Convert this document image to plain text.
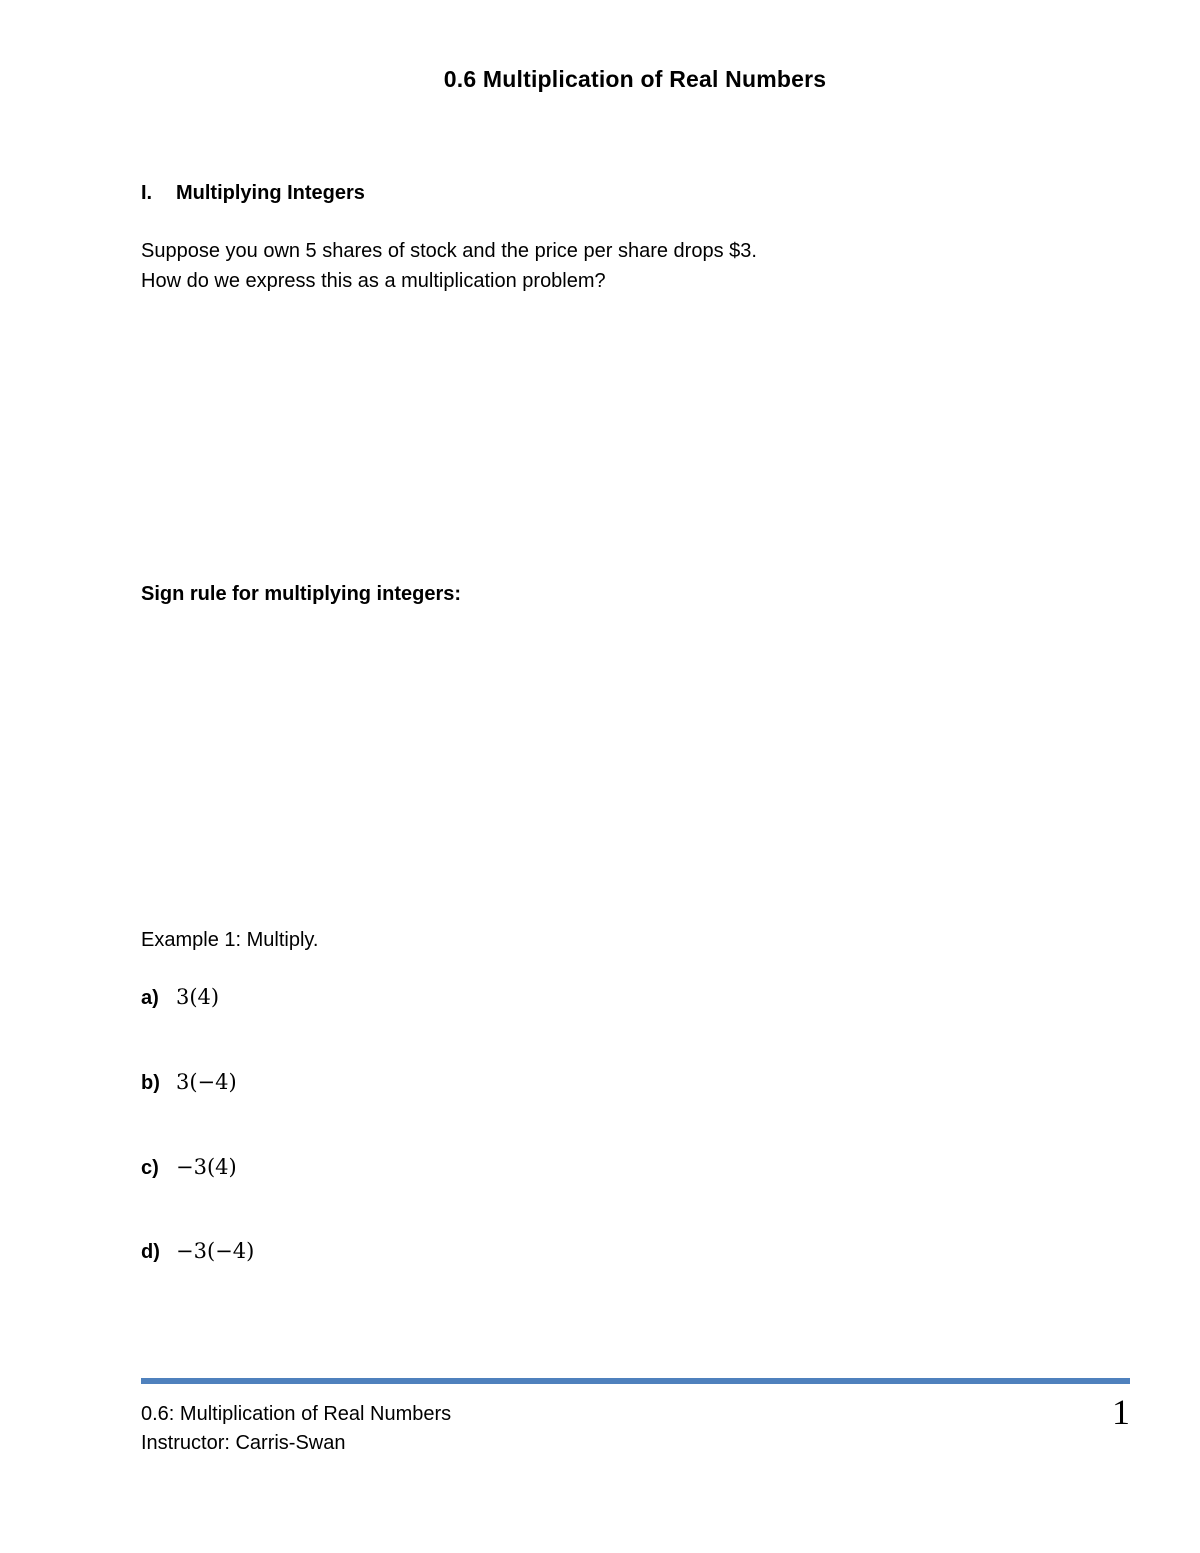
0.6 Multiplication of Real Numbers
I. Multiplying Integers
Suppose you own 5 shares of stock and the price per share drops $3.
How do we express this as a multiplication problem?
Sign rule for multiplying integers:
Example 1: Multiply.
a) 3(4)
b) 3(−4)
c) −3(4)
d) −3(−4)
0.6: Multiplication of Real Numbers
Instructor: Carris-Swan
1
